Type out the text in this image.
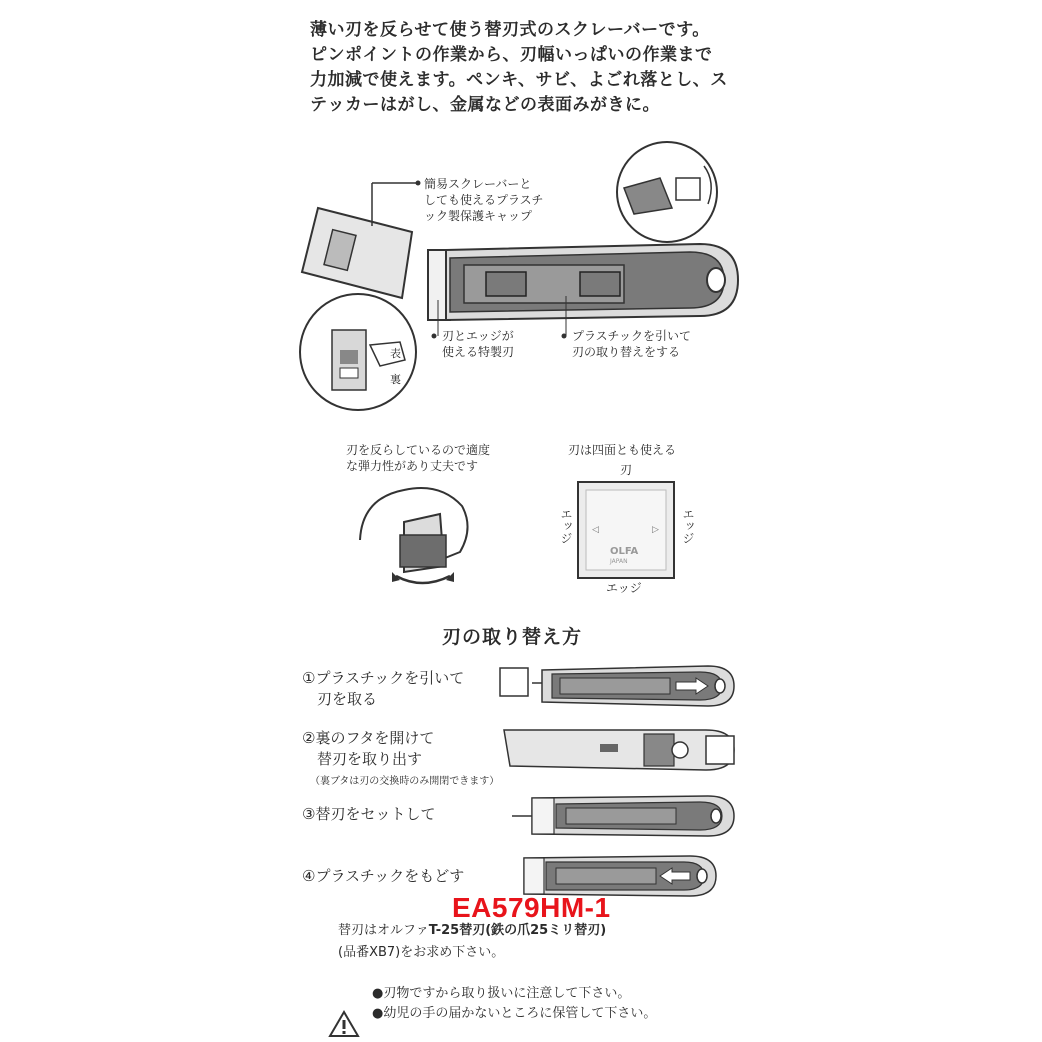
薄い刃を反らせて使う替刃式のスクレーバーです。
ピンポイントの作業から、刃幅いっぱいの作業まで
力加減で使えます。ペンキ、サビ、よごれ落とし、ス
テッカーはがし、金属などの表面みがきに。
◁	▷
簡易スクレーバーと
しても使えるプラスチ
ック製保護キャップ
刃とエッジが
使える特製刃
プラスチックを引いて
刃の取り替えをする
表
裏
刃を反らしているので適度
な弾力性があり丈夫です
刃は四面とも使える
刃
エッジ	エッジ
エッジ
OLFA
JAPAN
刃の取り替え方
①プラスチックを引いて
　刃を取る
②裏のフタを開けて
　替刃を取り出す
（裏ブタは刃の交換時のみ開閉できます）
③替刃をセットして
④プラスチックをもどす
EA579HM-1
替刃はオルファT-25替刃(鉄の爪25ミリ替刃)
(品番XB7)をお求め下さい。
●刃物ですから取り扱いに注意して下さい。
●幼児の手の届かないところに保管して下さい。
